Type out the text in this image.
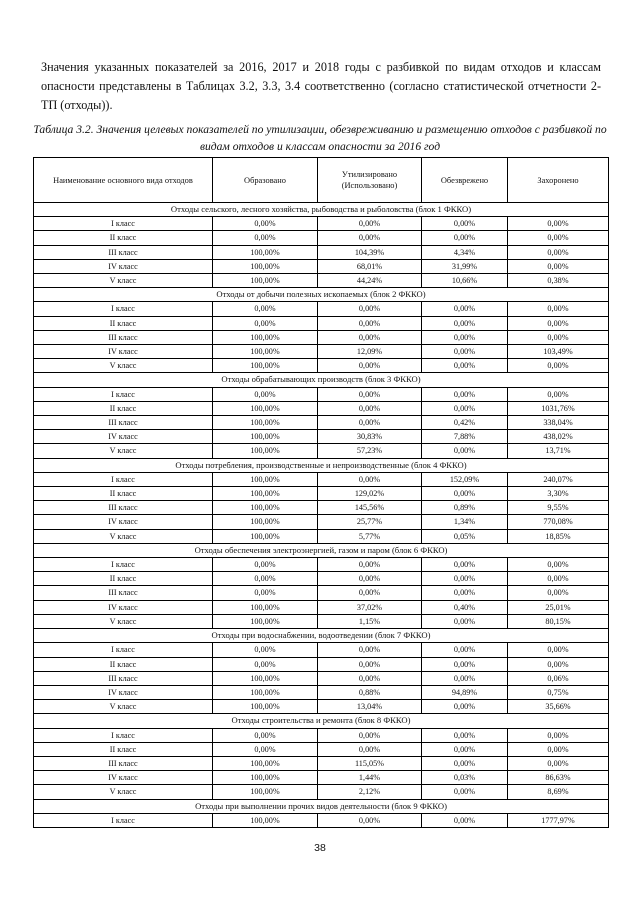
Значения указанных показателей за 2016, 2017 и 2018 годы с разбивкой по видам отходов и классам опасности представлены в Таблицах 3.2, 3.3, 3.4 соответственно (согласно статистической отчетности 2-ТП (отходы)).

Таблица 3.2. Значения целевых показателей по утилизации, обезвреживанию и размещению отходов с разбивкой по видам отходов и классам опасности за 2016 год

Наименование основного вида отходов	Образовано	Утилизировано (Использовано)	Обезврежено	Захоронено
Отходы сельского, лесного хозяйства, рыбоводства и рыболовства (блок 1 ФККО)				
I класс	0,00%	0,00%	0,00%	0,00%
II класс	0,00%	0,00%	0,00%	0,00%
III класс	100,00%	104,39%	4,34%	0,00%
IV класс	100,00%	68,01%	31,99%	0,00%
V класс	100,00%	44,24%	10,66%	0,38%
Отходы от добычи полезных ископаемых (блок 2 ФККО)				
I класс	0,00%	0,00%	0,00%	0,00%
II класс	0,00%	0,00%	0,00%	0,00%
III класс	100,00%	0,00%	0,00%	0,00%
IV класс	100,00%	12,09%	0,00%	103,49%
V класс	100,00%	0,00%	0,00%	0,00%
Отходы обрабатывающих производств (блок 3 ФККО)				
I класс	0,00%	0,00%	0,00%	0,00%
II класс	100,00%	0,00%	0,00%	1031,76%
III класс	100,00%	0,00%	0,42%	338,04%
IV класс	100,00%	30,83%	7,88%	438,02%
V класс	100,00%	57,23%	0,00%	13,71%
Отходы потребления, производственные и непроизводственные (блок 4 ФККО)				
I класс	100,00%	0,00%	152,09%	240,07%
II класс	100,00%	129,02%	0,00%	3,30%
III класс	100,00%	145,56%	0,89%	9,55%
IV класс	100,00%	25,77%	1,34%	770,08%
V класс	100,00%	5,77%	0,05%	18,85%
Отходы обеспечения электроэнергией, газом и паром (блок 6 ФККО)				
I класс	0,00%	0,00%	0,00%	0,00%
II класс	0,00%	0,00%	0,00%	0,00%
III класс	0,00%	0,00%	0,00%	0,00%
IV класс	100,00%	37,02%	0,40%	25,01%
V класс	100,00%	1,15%	0,00%	80,15%
Отходы при водоснабжении, водоотведении (блок 7 ФККО)				
I класс	0,00%	0,00%	0,00%	0,00%
II класс	0,00%	0,00%	0,00%	0,00%
III класс	100,00%	0,00%	0,00%	0,06%
IV класс	100,00%	0,88%	94,89%	0,75%
V класс	100,00%	13,04%	0,00%	35,66%
Отходы строительства и ремонта (блок 8 ФККО)				
I класс	0,00%	0,00%	0,00%	0,00%
II класс	0,00%	0,00%	0,00%	0,00%
III класс	100,00%	115,05%	0,00%	0,00%
IV класс	100,00%	1,44%	0,03%	86,63%
V класс	100,00%	2,12%	0,00%	8,69%
Отходы при выполнении прочих видов деятельности (блок 9 ФККО)				
I класс	100,00%	0,00%	0,00%	1777,97%
38
